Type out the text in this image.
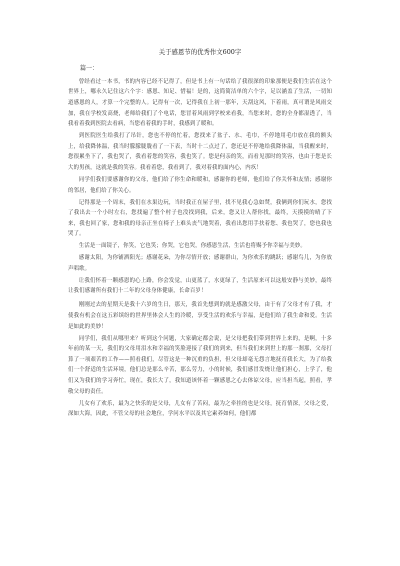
关于感恩节的优秀作文600字
篇一：

曾经看过一本书，书的内容已经不记得了，但是书上有一句话给了我很深的印象那便是我们生活在这个世界上，哪永久记住这六个字：感恩、知足、惜福！是的，这简简洁单的六个字，足以涵盖了生活，一切知道感恩的人，才算一个完整的人。记得有一次，记得我在上初一那年，天刮这风，下着雨，真可谓是风雨交加，我在学校发高烧，老师给我们了个电话，您冒着风雨到学校来看我，当您来时，您的全身都湿透了，当我看着我到医院去看病，当您看着我的手时，我感到了暖和。

到医院医生给我打了吊针，您也不停的忙着，您找来了盆子、水、毛巾，不停地用毛巾放在我的额头上，给我降体温，我当时朦朦胧胧看了一下表，当时十二点过了，您还是不停地给我降体温，当我醒来时，您很累坐下了，我也哭了，我看着您的笑容，我也笑了。您是何亲的笑，而看见那时的笑容，也由于您是长大的男孩，这就是我的笑容。我看着您，我看到了，我对着我的面内心，内疚！

同学们我们要感谢你的父母，他们给了你生命和暖和，感谢你的老师，他们给了你关怀和友情；感谢你的邻居，他们给了你关心。

记得那是一个周末，我们在水果边玩，当时我正在屋子里，找不见我心急如焚，我俩到你们玩水，您找了我出去一个小时左右，您找遍了整个村子也没找到我，后来，您又让人帮你找，最终，天摸摸的晴了下来，我也回了家，您和我的母亲正坐在椅子上难头丧气地哭着，我看出您用手扶着您、我也哭了，您也我也哭了。

生活是一面镜子，你笑，它也笑；你哭，它也哭，你感恩生活，生活也将赐予你幸福与美妙。

感谢太阳，为你铺洒阳光；感谢花朵，为你尽情开放；感谢群山，为你欢乐的跳跃；感谢鸟儿，为你放声唱歌。

让我们怀着一颗感恩的心上路，你会发觉，山更蓝了，水更绿了，生活原来可以这般安静与美妙，最终让我们感谢所有我们十二年的父母身体健康，长命百岁！

刚刚过去的星期天是我十六岁的生日，那天，我首先想到的就是感激父母，由于有了父母才有了我，才使我有机会在这五彩缤纷的世界里体会人生的冷暖，享受生活的欢乐与幸福，是他们给了我生命和爱。生活是如此的美妙！

同学们，我们从哪里来？听到这个问题，大家确定都会说，是父母把我们带到世界上来的，是啊，十多年前的某一天，我们的父母用泪水和幸福的笑脸迎接了我们的到来，但当我们来到世上的那一刹那，父母打算了一项艰苦的工作——照看我们，尽管这是一种沉重的负担，但父母却毫无怨言地抚育我长大，为了给我们一个舒适的生活环境，他们总是那么辛苦，那么劳力，小的时候，我们感冒发烧让他们担心，上学了，他们又为我们的学习奔忙，现在，我长大了，我知道该怀着一颗感恩之心去体谅父母，应当担当起，照看，孝敬父母的责任。

儿女有了欢乐，最为之快乐的是父母，儿女有了苦闷，最为之牵挂的也是父母，抚育情深，父母之爱，深如大海，因此，不管父母的社会地位，学问水平以及其它素养如何，他们都
